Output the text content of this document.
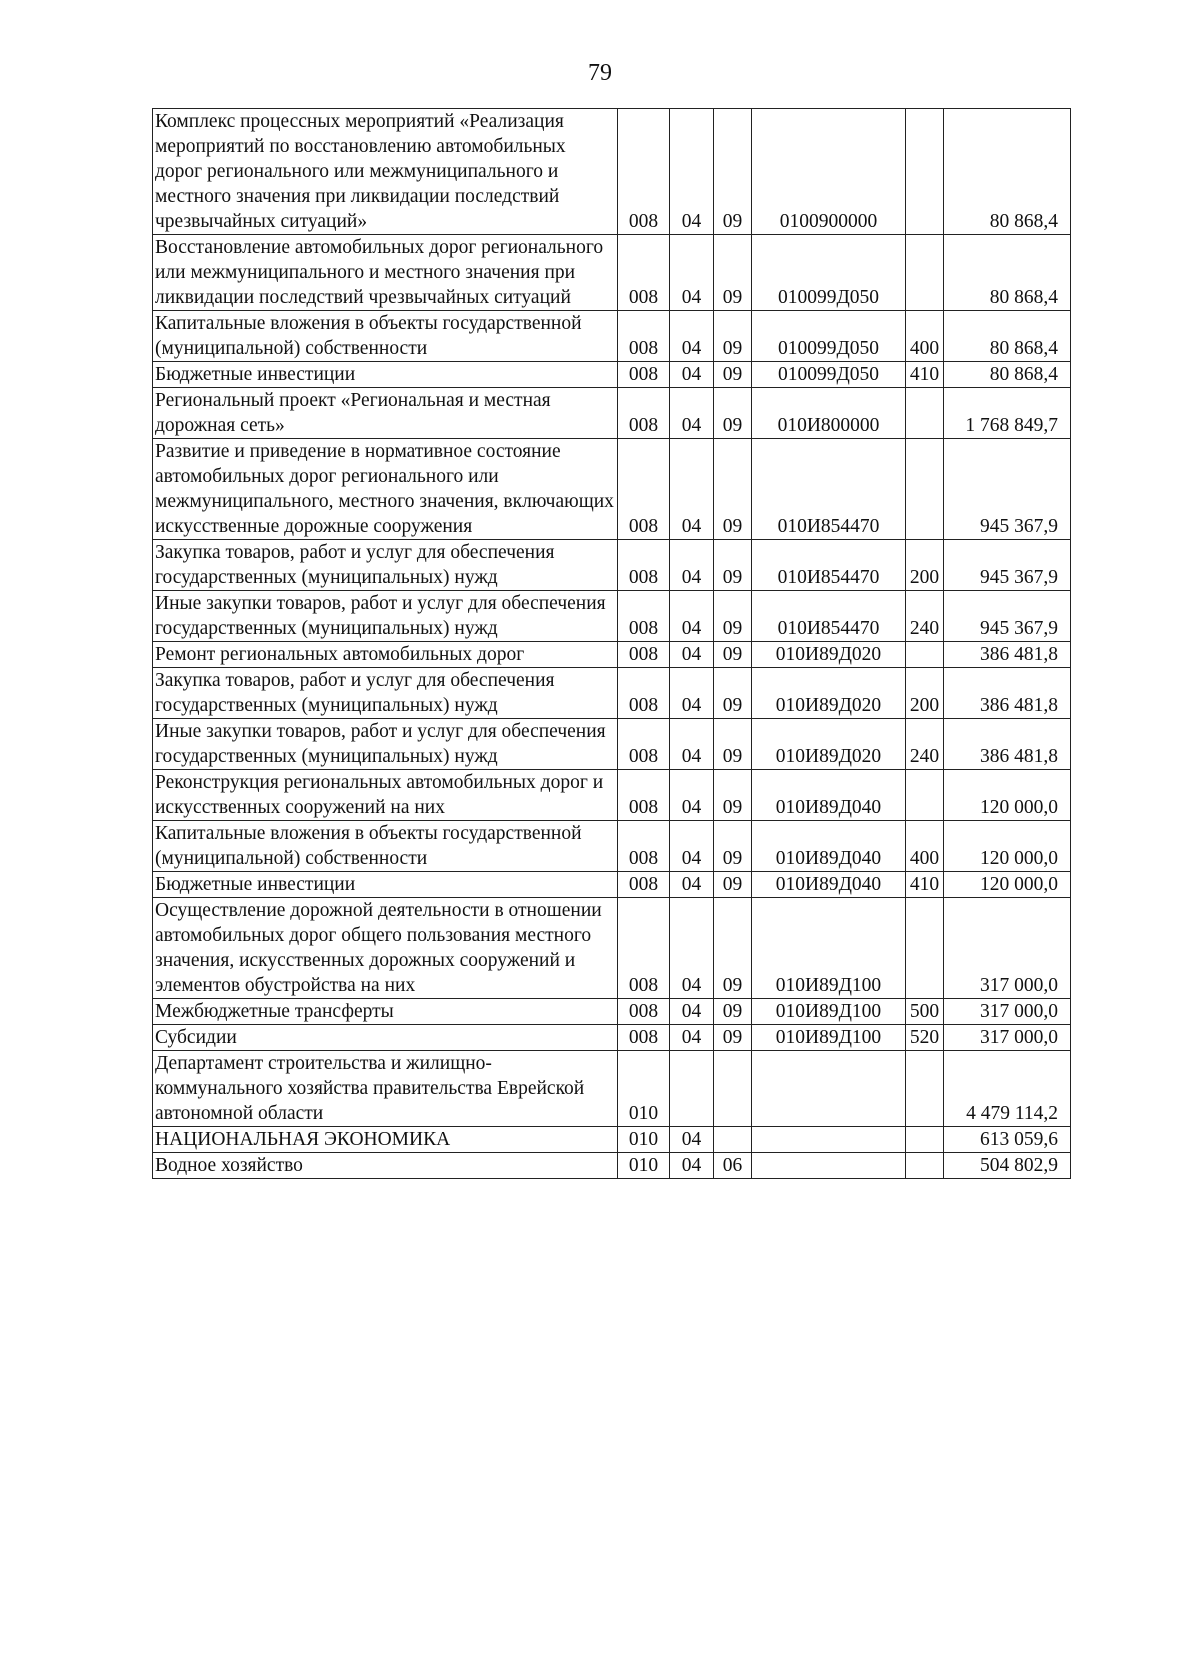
79
Комплекс процессных мероприятий «Реализация мероприятий по восстановлению автомобильных дорог регионального или межмуниципального и местного значения при ликвидации последствий чрезвычайных ситуаций»	008	04	09	0100900000		80 868,4
Восстановление автомобильных дорог регионального или межмуниципального и местного значения при ликвидации последствий чрезвычайных ситуаций	008	04	09	010099Д050		80 868,4
Капитальные вложения в объекты государственной (муниципальной) собственности	008	04	09	010099Д050	400	80 868,4
Бюджетные инвестиции	008	04	09	010099Д050	410	80 868,4
Региональный проект «Региональная и местная дорожная сеть»	008	04	09	010И800000		1 768 849,7
Развитие и приведение в нормативное состояние автомобильных дорог регионального или межмуниципального, местного значения, включающих искусственные дорожные сооружения	008	04	09	010И854470		945 367,9
Закупка товаров, работ и услуг для обеспечения государственных (муниципальных) нужд	008	04	09	010И854470	200	945 367,9
Иные закупки товаров, работ и услуг для обеспечения государственных (муниципальных) нужд	008	04	09	010И854470	240	945 367,9
Ремонт региональных автомобильных дорог	008	04	09	010И89Д020		386 481,8
Закупка товаров, работ и услуг для обеспечения государственных (муниципальных) нужд	008	04	09	010И89Д020	200	386 481,8
Иные закупки товаров, работ и услуг для обеспечения государственных (муниципальных) нужд	008	04	09	010И89Д020	240	386 481,8
Реконструкция региональных автомобильных дорог и искусственных сооружений на них	008	04	09	010И89Д040		120 000,0
Капитальные вложения в объекты государственной (муниципальной) собственности	008	04	09	010И89Д040	400	120 000,0
Бюджетные инвестиции	008	04	09	010И89Д040	410	120 000,0
Осуществление дорожной деятельности в отношении автомобильных дорог общего пользования местного значения, искусственных дорожных сооружений и элементов обустройства на них	008	04	09	010И89Д100		317 000,0
Межбюджетные трансферты	008	04	09	010И89Д100	500	317 000,0
Субсидии	008	04	09	010И89Д100	520	317 000,0
Департамент строительства и жилищно-коммунального хозяйства правительства Еврейской автономной области	010					4 479 114,2
НАЦИОНАЛЬНАЯ ЭКОНОМИКА	010	04				613 059,6
Водное хозяйство	010	04	06			504 802,9
